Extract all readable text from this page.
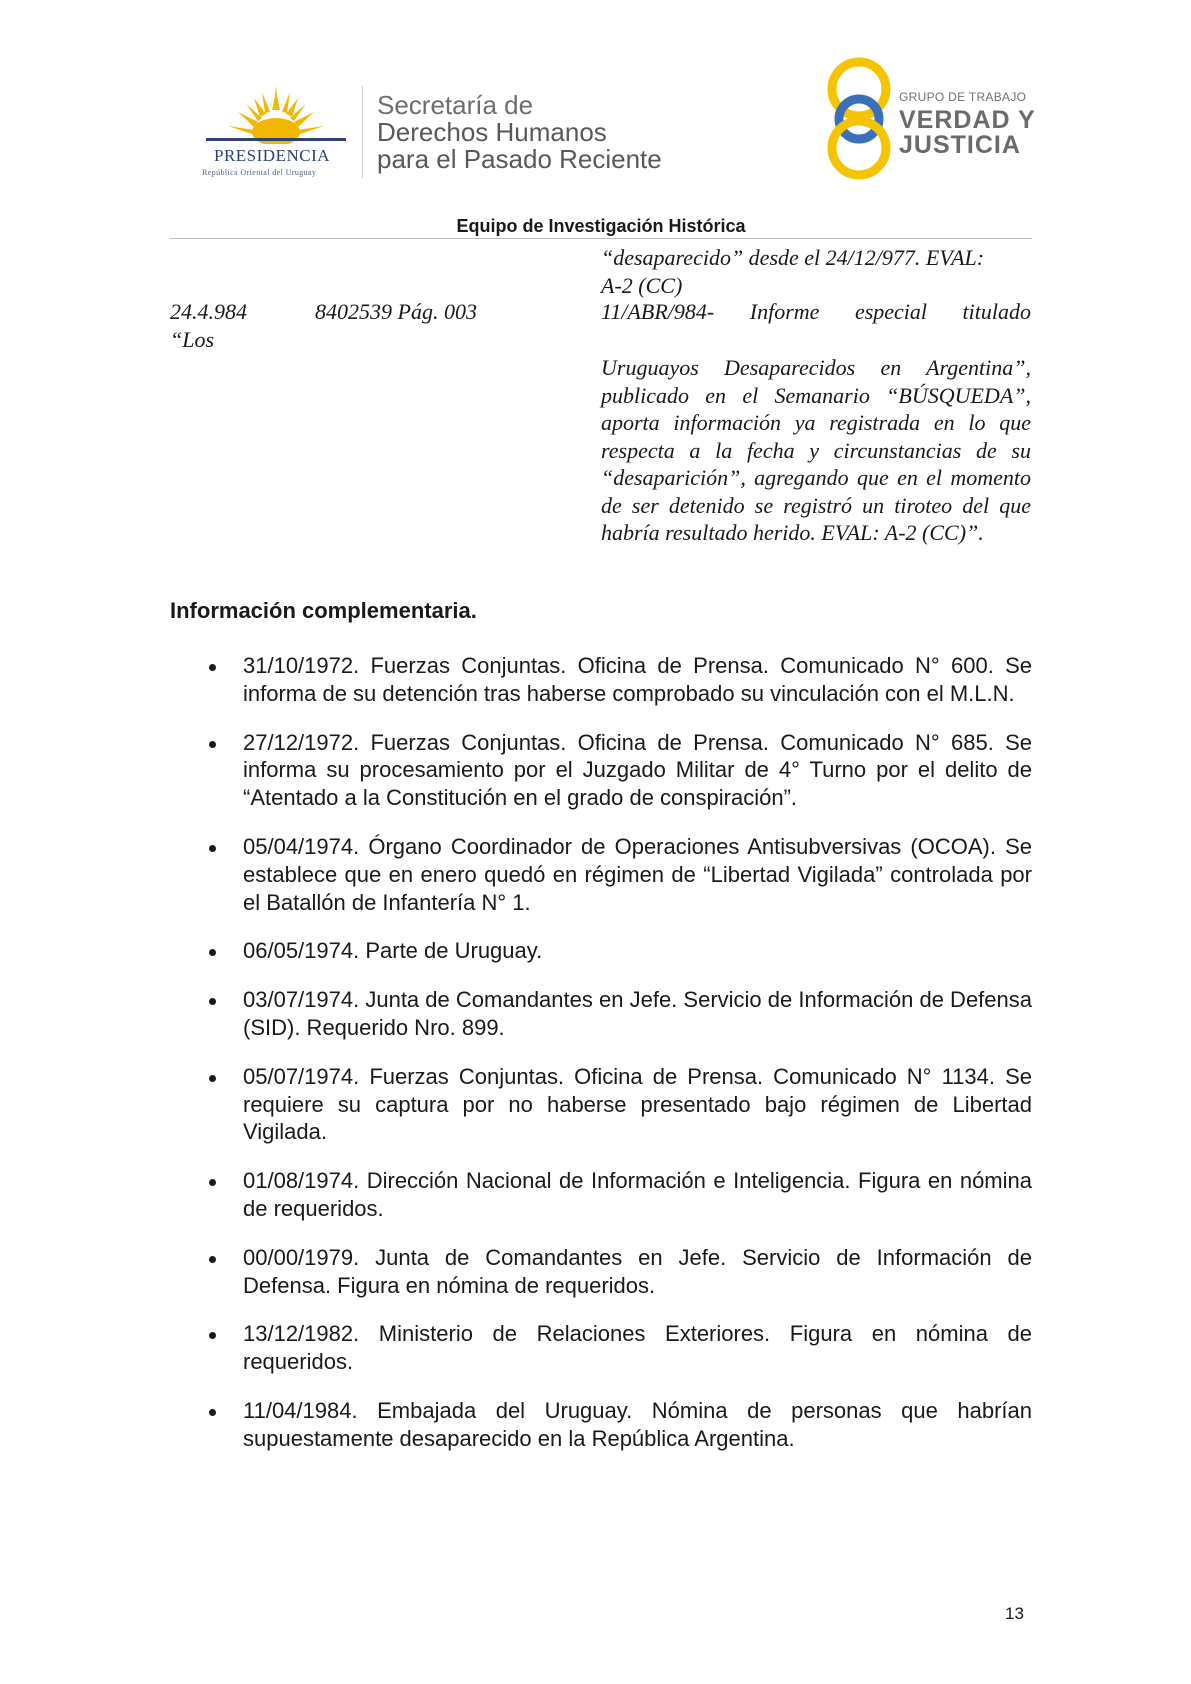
PRESIDENCIA
República Oriental del Uruguay
Secretaría de
Derechos Humanos
para el Pasado Reciente
GRUPO DE TRABAJO
VERDAD Y
JUSTICIA
Equipo de Investigación Histórica
“desaparecido” desde el 24/12/977. EVAL:
A-2 (CC)
24.4.984
“Los
8402539 Pág. 003	11/ABR/984- Informe especial titulado
Uruguayos Desaparecidos en Argentina”, publicado en el Semanario “BÚSQUEDA”, aporta información ya registrada en lo que respecta a la fecha y circunstancias de su “desaparición”, agregando que en el momento de ser detenido se registró un tiroteo del que habría resultado herido. EVAL: A-2 (CC)”.
Información complementaria.
31/10/1972. Fuerzas Conjuntas. Oficina de Prensa. Comunicado N° 600. Se informa de su detención tras haberse comprobado su vinculación con el M.L.N.
27/12/1972. Fuerzas Conjuntas. Oficina de Prensa. Comunicado N° 685. Se informa su procesamiento por el Juzgado Militar de 4° Turno por el delito de “Atentado a la Constitución en el grado de conspiración”.
05/04/1974. Órgano Coordinador de Operaciones Antisubversivas (OCOA). Se establece que en enero quedó en régimen de “Libertad Vigilada” controlada por el Batallón de Infantería N° 1.
06/05/1974. Parte de Uruguay.
03/07/1974. Junta de Comandantes en Jefe. Servicio de Información de Defensa (SID). Requerido Nro. 899.
05/07/1974. Fuerzas Conjuntas. Oficina de Prensa. Comunicado N° 1134. Se requiere su captura por no haberse presentado bajo régimen de Libertad Vigilada.
01/08/1974. Dirección Nacional de Información e Inteligencia. Figura en nómina de requeridos.
00/00/1979. Junta de Comandantes en Jefe. Servicio de Información de Defensa. Figura en nómina de requeridos.
13/12/1982. Ministerio de Relaciones Exteriores. Figura en nómina de requeridos.
11/04/1984. Embajada del Uruguay. Nómina de personas que habrían supuestamente desaparecido en la República Argentina.
13
